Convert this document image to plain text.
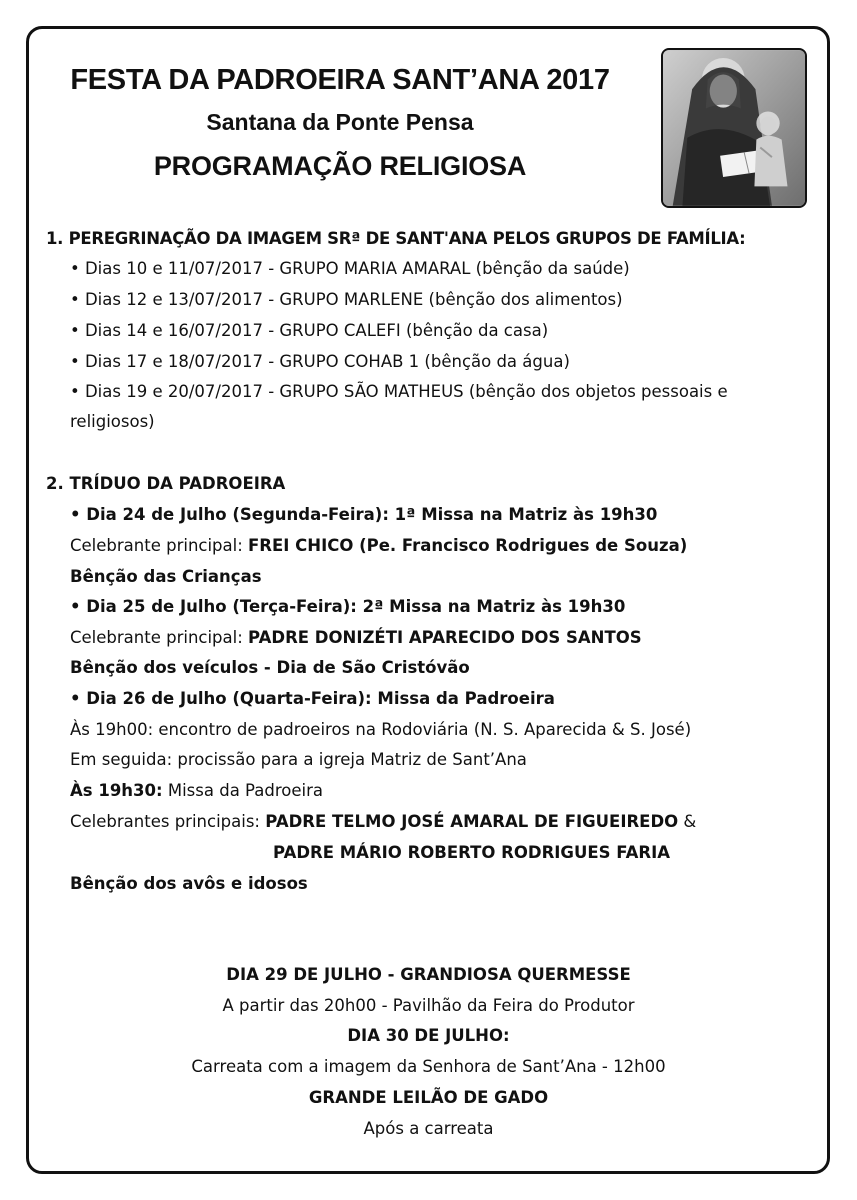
FESTA DA PADROEIRA SANT’ANA 2017
Santana da Ponte Pensa
PROGRAMAÇÃO RELIGIOSA
1. PEREGRINAÇÃO DA IMAGEM SRª DE SANT'ANA PELOS GRUPOS DE FAMÍLIA:
• Dias 10 e 11/07/2017 - GRUPO MARIA AMARAL (bênção da saúde)
• Dias 12 e 13/07/2017 - GRUPO MARLENE (bênção dos alimentos)
• Dias 14 e 16/07/2017 - GRUPO CALEFI (bênção da casa)
• Dias 17 e 18/07/2017 - GRUPO COHAB 1 (bênção da água)
• Dias 19 e 20/07/2017 - GRUPO SÃO MATHEUS (bênção dos objetos pessoais e
religiosos)
2. TRÍDUO DA PADROEIRA
• Dia 24 de Julho (Segunda-Feira): 1ª Missa na Matriz às 19h30
Celebrante principal: FREI CHICO (Pe. Francisco Rodrigues de Souza)
Bênção das Crianças
• Dia 25 de Julho (Terça-Feira): 2ª Missa na Matriz às 19h30
Celebrante principal: PADRE DONIZÉTI APARECIDO DOS SANTOS
Bênção dos veículos - Dia de São Cristóvão
• Dia 26 de Julho (Quarta-Feira): Missa da Padroeira
Às 19h00: encontro de padroeiros na Rodoviária (N. S. Aparecida & S. José)
Em seguida: procissão para a igreja Matriz de Sant’Ana
Às 19h30: Missa da Padroeira
Celebrantes principais: PADRE TELMO JOSÉ AMARAL DE FIGUEIREDO &
PADRE MÁRIO ROBERTO RODRIGUES FARIA
Bênção dos avôs e idosos
DIA 29 DE JULHO - GRANDIOSA QUERMESSE
A partir das 20h00 - Pavilhão da Feira do Produtor
DIA 30 DE JULHO:
Carreata com a imagem da Senhora de Sant’Ana - 12h00
GRANDE LEILÃO DE GADO
Após a carreata
